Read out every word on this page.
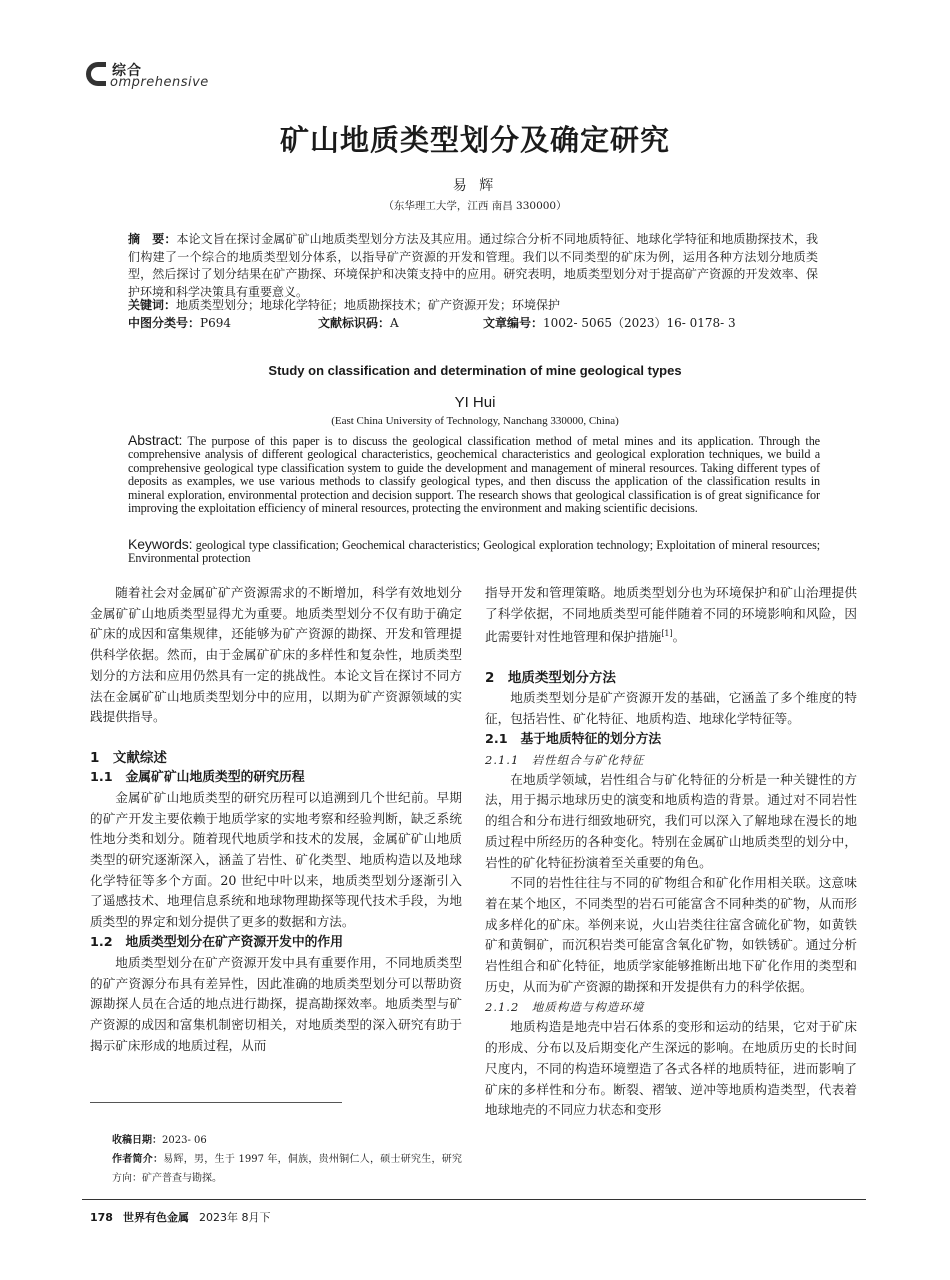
综合
omprehensive
矿山地质类型划分及确定研究
易 辉
（东华理工大学，江西 南昌 330000）
摘　要：本论文旨在探讨金属矿矿山地质类型划分方法及其应用。通过综合分析不同地质特征、地球化学特征和地质勘探技术，我们构建了一个综合的地质类型划分体系，以指导矿产资源的开发和管理。我们以不同类型的矿床为例，运用各种方法划分地质类型，然后探讨了划分结果在矿产勘探、环境保护和决策支持中的应用。研究表明，地质类型划分对于提高矿产资源的开发效率、保护环境和科学决策具有重要意义。
关键词：地质类型划分；地球化学特征；地质勘探技术；矿产资源开发；环境保护
中图分类号：P694	文献标识码：A	文章编号：1002- 5065（2023）16- 0178- 3
Study on classification and determination of mine geological types
YI Hui
(East China University of Technology, Nanchang 330000, China)
Abstract: The purpose of this paper is to discuss the geological classification method of metal mines and its application. Through the comprehensive analysis of different geological characteristics, geochemical characteristics and geological exploration techniques, we build a comprehensive geological type classification system to guide the development and management of mineral resources. Taking different types of deposits as examples, we use various methods to classify geological types, and then discuss the application of the classification results in mineral exploration, environmental protection and decision support. The research shows that geological classification is of great significance for improving the exploitation efficiency of mineral resources, protecting the environment and making scientific decisions.
Keywords: geological type classification; Geochemical characteristics; Geological exploration technology; Exploitation of mineral resources; Environmental protection

随着社会对金属矿矿产资源需求的不断增加，科学有效地划分金属矿矿山地质类型显得尤为重要。地质类型划分不仅有助于确定矿床的成因和富集规律，还能够为矿产资源的勘探、开发和管理提供科学依据。然而，由于金属矿矿床的多样性和复杂性，地质类型划分的方法和应用仍然具有一定的挑战性。本论文旨在探讨不同方法在金属矿矿山地质类型划分中的应用，以期为矿产资源领域的实践提供指导。

1　文献综述
1.1　金属矿矿山地质类型的研究历程

金属矿矿山地质类型的研究历程可以追溯到几个世纪前。早期的矿产开发主要依赖于地质学家的实地考察和经验判断，缺乏系统性地分类和划分。随着现代地质学和技术的发展，金属矿矿山地质类型的研究逐渐深入，涵盖了岩性、矿化类型、地质构造以及地球化学特征等多个方面。20 世纪中叶以来，地质类型划分逐渐引入了遥感技术、地理信息系统和地球物理勘探等现代技术手段，为地质类型的界定和划分提供了更多的数据和方法。

1.2　地质类型划分在矿产资源开发中的作用

地质类型划分在矿产资源开发中具有重要作用，不同地质类型的矿产资源分布具有差异性，因此准确的地质类型划分可以帮助资源勘探人员在合适的地点进行勘探，提高勘探效率。地质类型与矿产资源的成因和富集机制密切相关，对地质类型的深入研究有助于揭示矿床形成的地质过程，从而

指导开发和管理策略。地质类型划分也为环境保护和矿山治理提供了科学依据，不同地质类型可能伴随着不同的环境影响和风险，因此需要针对性地管理和保护措施[1]。

2　地质类型划分方法

地质类型划分是矿产资源开发的基础，它涵盖了多个维度的特征，包括岩性、矿化特征、地质构造、地球化学特征等。

2.1　基于地质特征的划分方法
2.1.1　岩性组合与矿化特征

在地质学领域，岩性组合与矿化特征的分析是一种关键性的方法，用于揭示地球历史的演变和地质构造的背景。通过对不同岩性的组合和分布进行细致地研究，我们可以深入了解地球在漫长的地质过程中所经历的各种变化。特别在金属矿山地质类型的划分中，岩性的矿化特征扮演着至关重要的角色。

不同的岩性往往与不同的矿物组合和矿化作用相关联。这意味着在某个地区，不同类型的岩石可能富含不同种类的矿物，从而形成多样化的矿床。举例来说，火山岩类往往富含硫化矿物，如黄铁矿和黄铜矿，而沉积岩类可能富含氧化矿物，如铁锈矿。通过分析岩性组合和矿化特征，地质学家能够推断出地下矿化作用的类型和历史，从而为矿产资源的勘探和开发提供有力的科学依据。

2.1.2　地质构造与构造环境

地质构造是地壳中岩石体系的变形和运动的结果，它对于矿床的形成、分布以及后期变化产生深远的影响。在地质历史的长时间尺度内，不同的构造环境塑造了各式各样的地质特征，进而影响了矿床的多样性和分布。断裂、褶皱、逆冲等地质构造类型，代表着地球地壳的不同应力状态和变形

收稿日期：2023- 06
作者简介：易辉，男，生于 1997 年，侗族，贵州铜仁人，硕士研究生，研究方向：矿产普查与勘探。
178 世界有色金属 2023年 8月下
